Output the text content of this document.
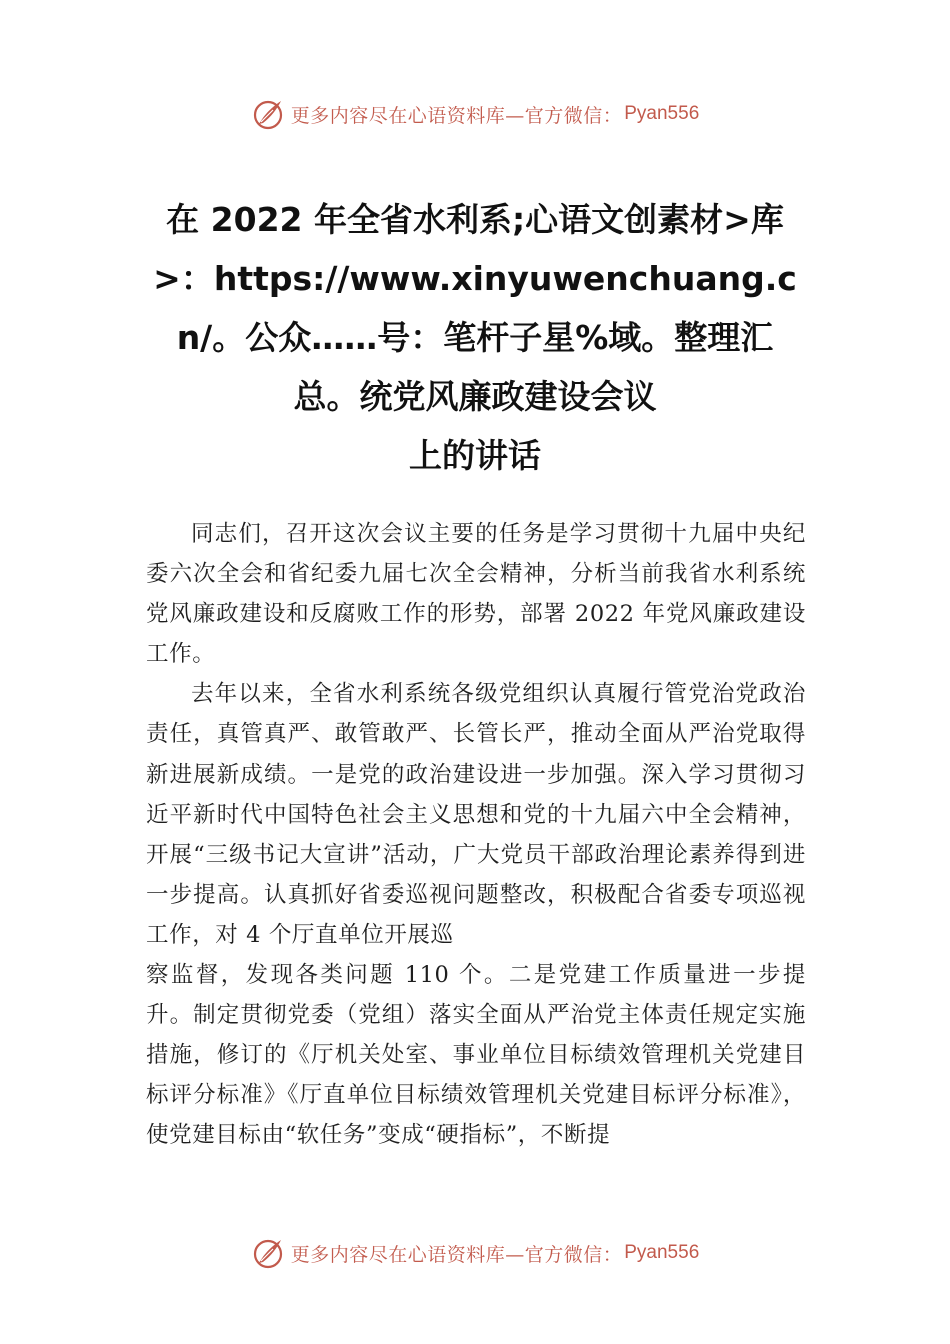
更多内容尽在心语资料库—官方微信： Pyan556
在 2022 年全省水利系;心语文创素材>库>：https://www.xinyuwenchuang.cn/。公众……号：笔杆子星%域。整理汇总。统党风廉政建设会议
上的讲话

同志们，召开这次会议主要的任务是学习贯彻十九届中央纪委六次全会和省纪委九届七次全会精神，分析当前我省水利系统党风廉政建设和反腐败工作的形势，部署 2022 年党风廉政建设工作。

去年以来，全省水利系统各级党组织认真履行管党治党政治责任，真管真严、敢管敢严、长管长严，推动全面从严治党取得新进展新成绩。一是党的政治建设进一步加强。深入学习贯彻习近平新时代中国特色社会主义思想和党的十九届六中全会精神，开展“三级书记大宣讲”活动，广大党员干部政治理论素养得到进一步提高。认真抓好省委巡视问题整改，积极配合省委专项巡视工作，对 4 个厅直单位开展巡

察监督，发现各类问题 110 个。二是党建工作质量进一步提升。制定贯彻党委（党组）落实全面从严治党主体责任规定实施措施，修订的《厅机关处室、事业单位目标绩效管理机关党建目标评分标准》《厅直单位目标绩效管理机关党建目标评分标准》，使党建目标由“软任务”变成“硬指标”，不断提

更多内容尽在心语资料库—官方微信： Pyan556
